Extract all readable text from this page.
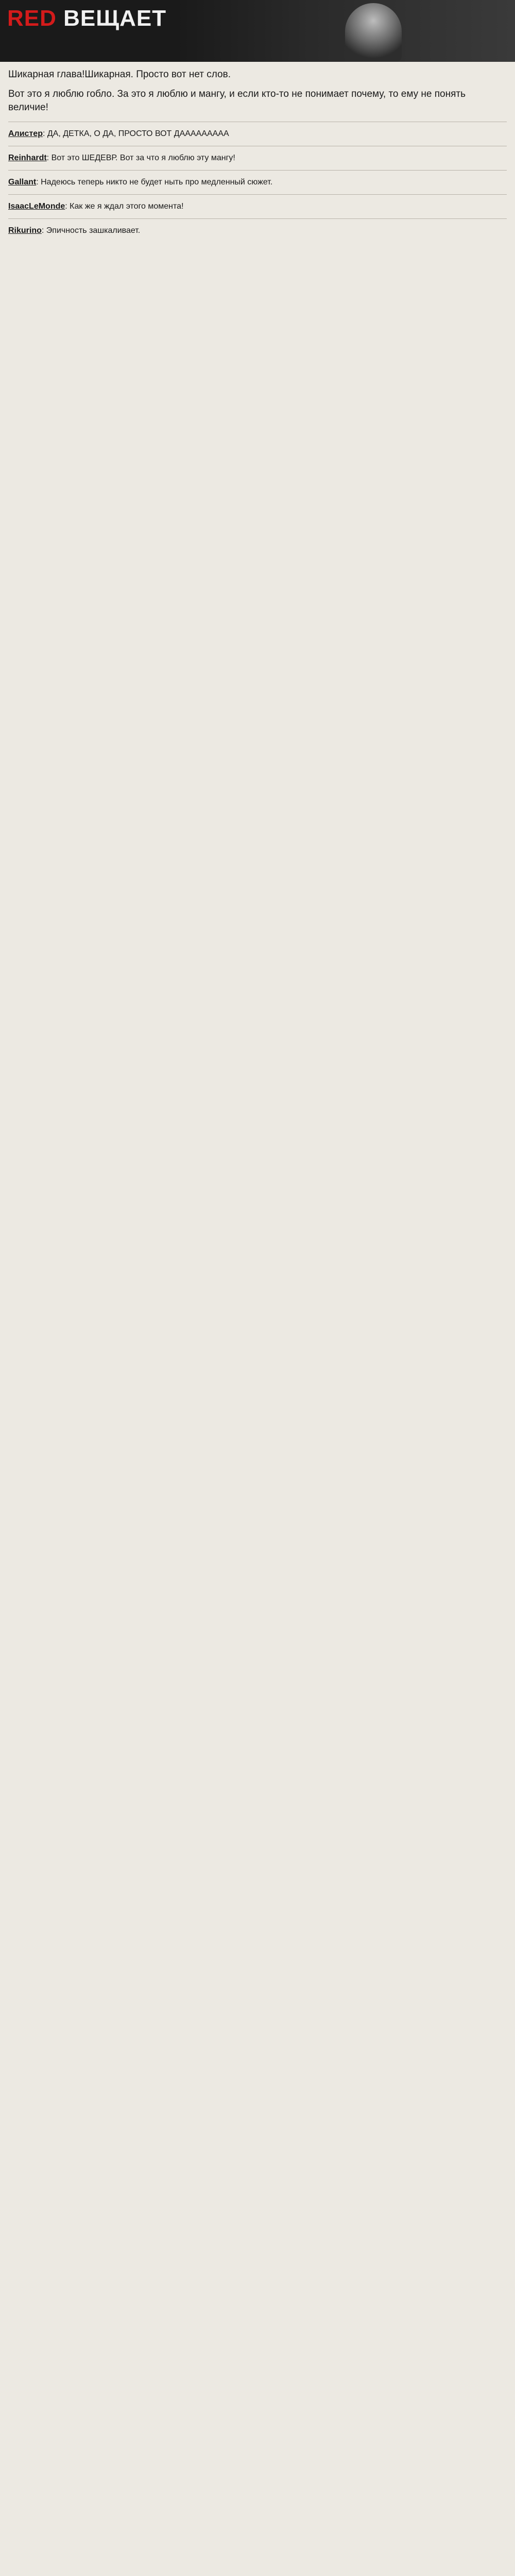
RED ВЕЩАЕТ

Шикарная глава!Шикарная. Просто вот нет слов.

Вот это я люблю гобло. За это я люблю и мангу, и если кто-то не понимает почему, то ему не понять величие!

Алистер: ДА, ДЕТКА, О ДА, ПРОСТО ВОТ ДААААААААА
Reinhardt: Вот это ШЕДЕВР. Вот за что я люблю эту мангу!
Gallant: Надеюсь теперь никто не будет ныть про медленный сюжет.
IsaacLeMonde: Как же я ждал этого момента!
Rikurino: Эпичность зашкаливает.
